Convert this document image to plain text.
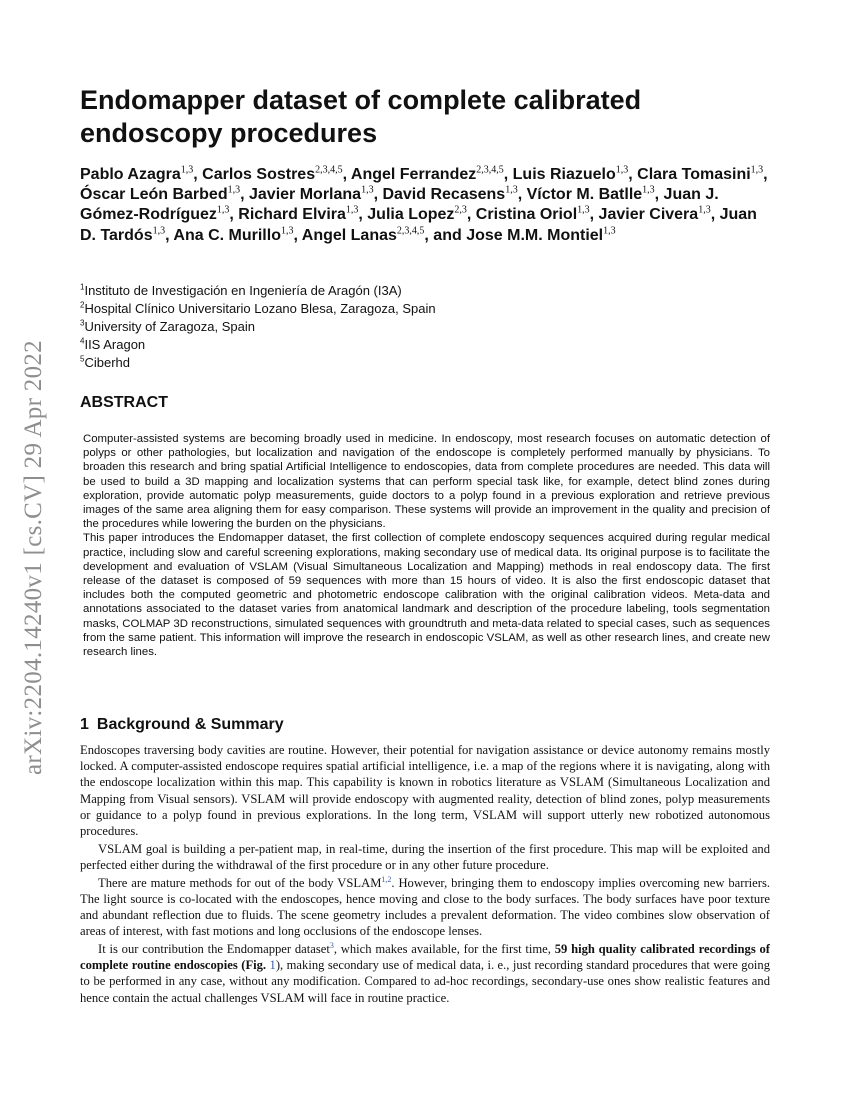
arXiv:2204.14240v1 [cs.CV] 29 Apr 2022
Endomapper dataset of complete calibrated
endoscopy procedures
Pablo Azagra$^{1,3}$, Carlos Sostres$^{2,3,4,5}$, Angel Ferrandez$^{2,3,4,5}$, Luis Riazuelo$^{1,3}$, Clara Tomasini$^{1,3}$, Óscar León Barbed$^{1,3}$, Javier Morlana$^{1,3}$, David Recasens$^{1,3}$, Víctor M. Batlle$^{1,3}$, Juan J. Gómez-Rodríguez$^{1,3}$, Richard Elvira$^{1,3}$, Julia Lopez$^{2,3}$, Cristina Oriol$^{1,3}$, Javier Civera$^{1,3}$, Juan D. Tardós$^{1,3}$, Ana C. Murillo$^{1,3}$, Angel Lanas$^{2,3,4,5}$, and Jose M.M. Montiel$^{1,3}$
$^1$Instituto de Investigación en Ingeniería de Aragón (I3A)
$^2$Hospital Clínico Universitario Lozano Blesa, Zaragoza, Spain
$^3$University of Zaragoza, Spain
$^4$IIS Aragon
$^5$Ciberhd
ABSTRACT

Computer-assisted systems are becoming broadly used in medicine. In endoscopy, most research focuses on automatic detection of polyps or other pathologies, but localization and navigation of the endoscope is completely performed manually by physicians. To broaden this research and bring spatial Artificial Intelligence to endoscopies, data from complete procedures are needed. This data will be used to build a 3D mapping and localization systems that can perform special task like, for example, detect blind zones during exploration, provide automatic polyp measurements, guide doctors to a polyp found in a previous exploration and retrieve previous images of the same area aligning them for easy comparison. These systems will provide an improvement in the quality and precision of the procedures while lowering the burden on the physicians.

This paper introduces the Endomapper dataset, the first collection of complete endoscopy sequences acquired during regular medical practice, including slow and careful screening explorations, making secondary use of medical data. Its original purpose is to facilitate the development and evaluation of VSLAM (Visual Simultaneous Localization and Mapping) methods in real endoscopy data. The first release of the dataset is composed of 59 sequences with more than 15 hours of video. It is also the first endoscopic dataset that includes both the computed geometric and photometric endoscope calibration with the original calibration videos. Meta-data and annotations associated to the dataset varies from anatomical landmark and description of the procedure labeling, tools segmentation masks, COLMAP 3D reconstructions, simulated sequences with groundtruth and meta-data related to special cases, such as sequences from the same patient. This information will improve the research in endoscopic VSLAM, as well as other research lines, and create new research lines.

1 Background & Summary

Endoscopes traversing body cavities are routine. However, their potential for navigation assistance or device autonomy remains mostly locked. A computer-assisted endoscope requires spatial artificial intelligence, i.e. a map of the regions where it is navigating, along with the endoscope localization within this map. This capability is known in robotics literature as VSLAM (Simultaneous Localization and Mapping from Visual sensors). VSLAM will provide endoscopy with augmented reality, detection of blind zones, polyp measurements or guidance to a polyp found in previous explorations. In the long term, VSLAM will support utterly new robotized autonomous procedures.

VSLAM goal is building a per-patient map, in real-time, during the insertion of the first procedure. This map will be exploited and perfected either during the withdrawal of the first procedure or in any other future procedure.

There are mature methods for out of the body VSLAM$^{1,2}$. However, bringing them to endoscopy implies overcoming new barriers. The light source is co-located with the endoscopes, hence moving and close to the body surfaces. The body surfaces have poor texture and abundant reflection due to fluids. The scene geometry includes a prevalent deformation. The video combines slow observation of areas of interest, with fast motions and long occlusions of the endoscope lenses.

It is our contribution the Endomapper dataset$^3$, which makes available, for the first time, 59 high quality calibrated recordings of complete routine endoscopies (Fig. 1), making secondary use of medical data, i. e., just recording standard procedures that were going to be performed in any case, without any modification. Compared to ad-hoc recordings, secondary-use ones show realistic features and hence contain the actual challenges VSLAM will face in routine practice.
